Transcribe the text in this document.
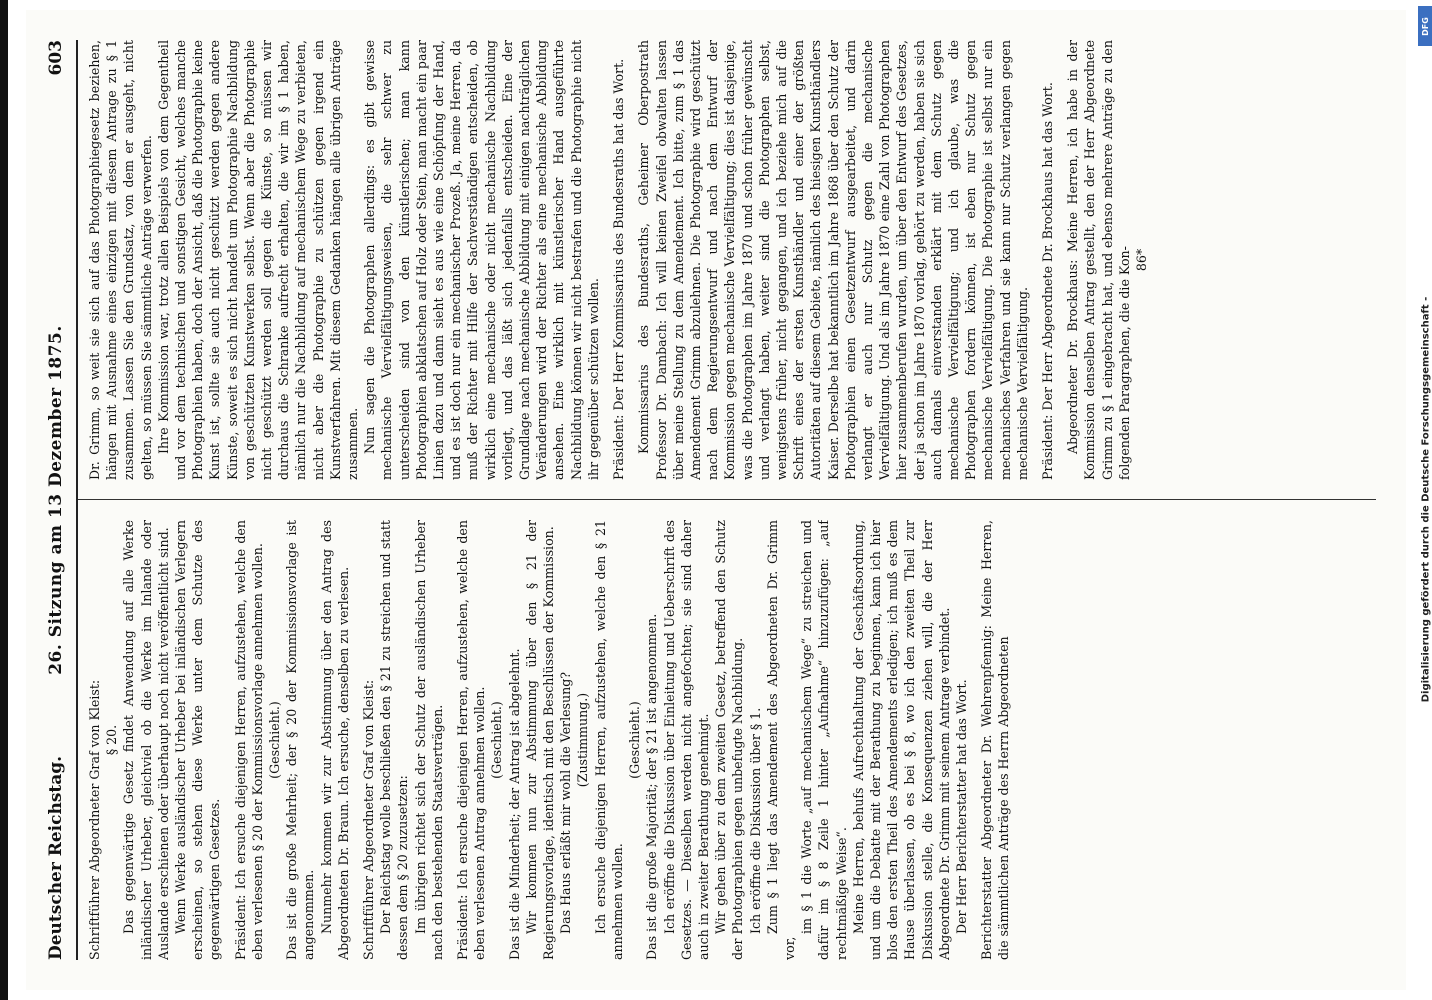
Deutscher Reichstag.
26. Sitzung am 13 Dezember 1875.
603

Schriftführer Abgeordneter Graf von Kleist: § 20. Das gegenwärtige Gesetz findet Anwendung auf alle Werke inländischer Urheber, gleichviel ob die Werke im Inlande oder Auslande erschienen oder überhaupt noch nicht veröffentlicht sind. Wenn Werke ausländischer Urheber bei inländischen Verlegern erscheinen, so stehen diese Werke unter dem Schutze des gegenwärtigen Gesetzes. Präsident: Ich ersuche diejenigen Herren, aufzustehen, welche den eben verlesenen § 20 der Kommissionsvorlage annehmen wollen. (Geschieht.) Das ist die große Mehrheit; der § 20 der Kommissionsvorlage ist angenommen. Nunmehr kommen wir zur Abstimmung über den Antrag des Abgeordneten Dr. Braun. Ich ersuche, denselben zu verlesen. Schriftführer Abgeordneter Graf von Kleist: Der Reichstag wolle beschließen den § 21 zu streichen und statt dessen dem § 20 zuzusetzen: Im übrigen richtet sich der Schutz der ausländischen Urheber nach den bestehenden Staatsverträgen. Präsident: Ich ersuche diejenigen Herren, aufzustehen, welche den eben verlesenen Antrag annehmen wollen. (Geschieht.) Das ist die Minderheit; der Antrag ist abgelehnt. Wir kommen nun zur Abstimmung über den § 21 der Regierungsvorlage, identisch mit den Beschlüssen der Kommission. Das Haus erläßt mir wohl die Verlesung? (Zustimmung.) Ich ersuche diejenigen Herren, aufzustehen, welche den § 21 annehmen wollen.

(Geschieht.) Das ist die große Majorität; der § 21 ist angenommen. Ich eröffne die Diskussion über Einleitung und Ueberschrift des Gesetzes. — Dieselben werden nicht angefochten; sie sind daher auch in zweiter Berathung genehmigt. Wir gehen über zu dem zweiten Gesetz, betreffend den Schutz der Photographien gegen unbefugte Nachbildung. Ich eröffne die Diskussion über § 1. Zum § 1 liegt das Amendement des Abgeordneten Dr. Grimm vor,

im § 1 die Worte „auf mechanischem Wege“ zu streichen und dafür im § 8 Zeile 1 hinter „Aufnahme“ hinzuzufügen: „auf rechtmäßige Weise“. Meine Herren, behufs Aufrechthaltung der Geschäftsordnung, und um die Debatte mit der Berathung zu beginnen, kann ich hier blos den ersten Theil des Amendements erledigen; ich muß es dem Hause überlassen, ob es bei § 8, wo ich den zweiten Theil zur Diskussion stelle, die Konsequenzen ziehen will, die der Herr Abgeordnete Dr. Grimm mit seinem Antrage verbindet. Der Herr Berichterstatter hat das Wort. Berichterstatter Abgeordneter Dr. Wehrenpfennig: Meine Herren, die sämmtlichen Anträge des Herrn Abgeordneten

Dr. Grimm, so weit sie sich auf das Photographiegesetz beziehen, hängen mit Ausnahme eines einzigen mit diesem Antrage zu § 1 zusammen. Lassen Sie den Grundsatz, von dem er ausgeht, nicht gelten, so müssen Sie sämmtliche Anträge verwerfen. Ihre Kommission war, trotz allen Beispiels von dem Gegentheil und vor dem technischen und sonstigen Gesicht, welches manche Photographien haben, doch der Ansicht, daß die Photographie keine Kunst ist, sollte sie auch nicht geschützt werden gegen andere Künste, soweit es sich nicht handelt um Photographie Nachbildung von geschützten Kunstwerken selbst. Wenn aber die Photographie nicht geschützt werden soll gegen die Künste, so müssen wir durchaus die Schranke aufrecht erhalten, die wir im § 1 haben, nämlich nur die Nachbildung auf mechanischem Wege zu verbieten, nicht aber die Photographie zu schützen gegen irgend ein Kunstverfahren. Mit diesem Gedanken hängen alle übrigen Anträge zusammen. Nun sagen die Photographen allerdings: es gibt gewisse mechanische Vervielfältigungsweisen, die sehr schwer zu unterscheiden sind von den künstlerischen; man kann Photographien abklatschen auf Holz oder Stein, man macht ein paar Linien dazu und dann sieht es aus wie eine Schöpfung der Hand, und es ist doch nur ein mechanischer Prozeß. Ja, meine Herren, da muß der Richter mit Hilfe der Sachverständigen entscheiden, ob wirklich eine mechanische oder nicht mechanische Nachbildung vorliegt, und das läßt sich jedenfalls entscheiden. Eine der Grundlage nach mechanische Abbildung mit einigen nachträglichen Veränderungen wird der Richter als eine mechanische Abbildung ansehen. Eine wirklich mit künstlerischer Hand ausgeführte Nachbildung können wir nicht bestrafen und die Photographie nicht ihr gegenüber schützen wollen. Präsident: Der Herr Kommissarius des Bundesraths hat das Wort. Kommissarius des Bundesraths, Geheimer Oberpostrath Professor Dr. Dambach: Ich will keinen Zweifel obwalten lassen über meine Stellung zu dem Amendement. Ich bitte, zum § 1 das Amendement Grimm abzulehnen. Die Photographie wird geschützt nach dem Regierungsentwurf und nach dem Entwurf der Kommission gegen mechanische Vervielfältigung; dies ist dasjenige, was die Photographen im Jahre 1870 und schon früher gewünscht und verlangt haben, weiter sind die Photographen selbst, wenigstens früher, nicht gegangen, und ich beziehe mich auf die Schrift eines der ersten Kunsthändler und einer der größten Autoritäten auf diesem Gebiete, nämlich des hiesigen Kunsthändlers Kaiser. Derselbe hat bekanntlich im Jahre 1868 über den Schutz der Photographien einen Gesetzentwurf ausgearbeitet, und darin verlangt er auch nur Schutz gegen die mechanische Vervielfältigung. Und als im Jahre 1870 eine Zahl von Photographen hier zusammenberufen wurden, um über den Entwurf des Gesetzes, der ja schon im Jahre 1870 vorlag, gehört zu werden, haben sie sich auch damals einverstanden erklärt mit dem Schutz gegen mechanische Vervielfältigung; und ich glaube, was die Photographen fordern können, ist eben nur Schutz gegen mechanische Vervielfältigung. Die Photographie ist selbst nur ein mechanisches Verfahren und sie kann nur Schutz verlangen gegen mechanische Vervielfältigung. Präsident: Der Herr Abgeordnete Dr. Brockhaus hat das Wort. Abgeordneter Dr. Brockhaus: Meine Herren, ich habe in der Kommission denselben Antrag gestellt, den der Herr Abgeordnete Grimm zu § 1 eingebracht hat, und ebenso mehrere Anträge zu den folgenden Paragraphen, die die Kon- 86*

DFG
Digitalisierung gefördert durch die Deutsche Forschungsgemeinschaft -
